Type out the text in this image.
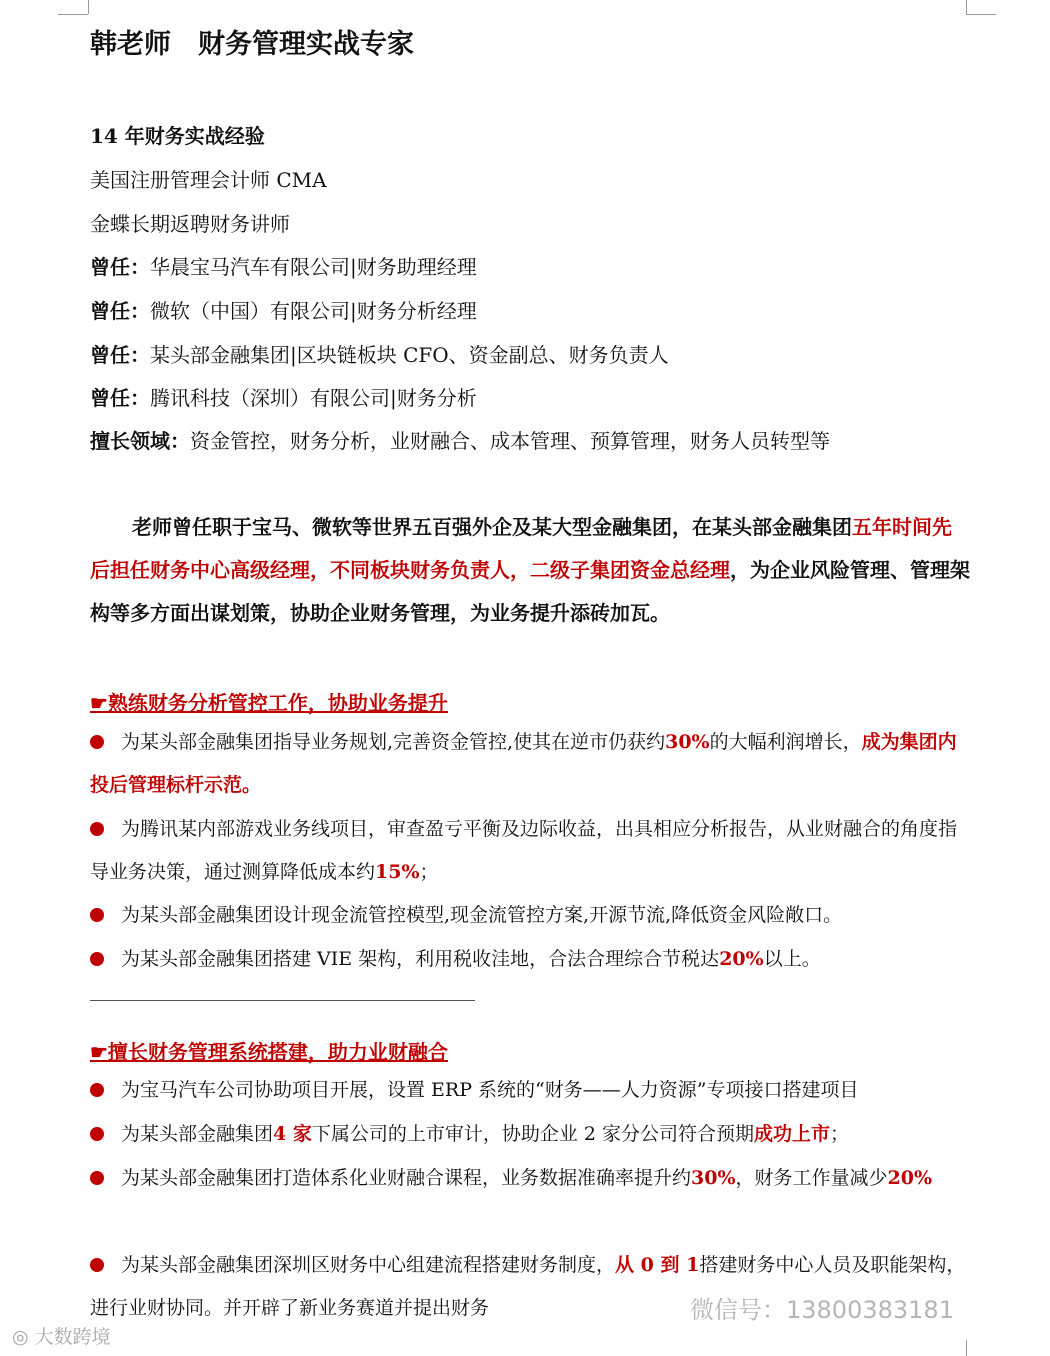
韩老师　财务管理实战专家
14 年财务实战经验
美国注册管理会计师 CMA
金蝶长期返聘财务讲师
曾任：华晨宝马汽车有限公司|财务助理经理
曾任：微软（中国）有限公司|财务分析经理
曾任：某头部金融集团|区块链板块 CFO、资金副总、财务负责人
曾任：腾讯科技（深圳）有限公司|财务分析
擅长领域：资金管控，财务分析，业财融合、成本管理、预算管理，财务人员转型等
老师曾任职于宝马、微软等世界五百强外企及某大型金融集团，在某头部金融集团五年时间先后担任财务中心高级经理，不同板块财务负责人，二级子集团资金总经理，为企业风险管理、管理架构等多方面出谋划策，协助企业财务管理，为业务提升添砖加瓦。
☛熟练财务分析管控工作，协助业务提升
为某头部金融集团指导业务规划,完善资金管控,使其在逆市仍获约30%的大幅利润增长，成为集团内投后管理标杆示范。
为腾讯某内部游戏业务线项目，审查盈亏平衡及边际收益，出具相应分析报告，从业财融合的角度指导业务决策，通过测算降低成本约15%；
为某头部金融集团设计现金流管控模型,现金流管控方案,开源节流,降低资金风险敞口。
为某头部金融集团搭建 VIE 架构，利用税收洼地，合法合理综合节税达20%以上。
☛擅长财务管理系统搭建，助力业财融合
为宝马汽车公司协助项目开展，设置 ERP 系统的“财务——人力资源”专项接口搭建项目
为某头部金融集团4 家下属公司的上市审计，协助企业 2 家分公司符合预期成功上市；
为某头部金融集团打造体系化业财融合课程，业务数据准确率提升约30%，财务工作量减少20%
为某头部金融集团深圳区财务中心组建流程搭建财务制度，从 0 到 1搭建财务中心人员及职能架构，进行业财协同。并开辟了新业务赛道并提出财务	微信号：13800383181
◎ 大数跨境
